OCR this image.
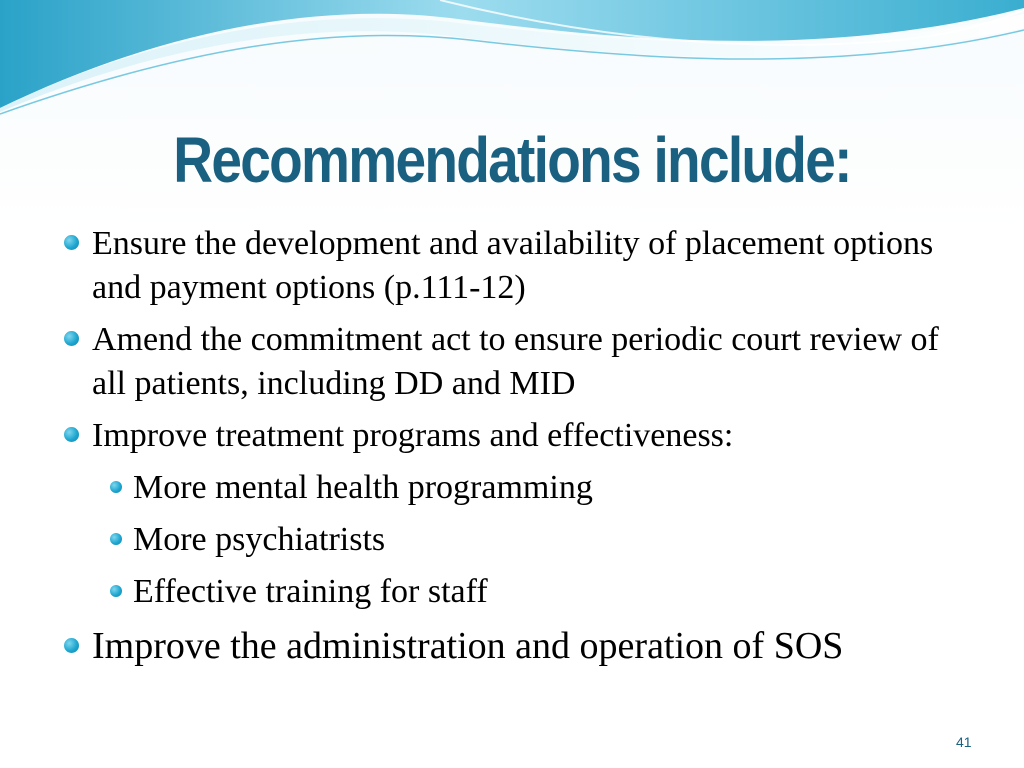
Recommendations include:
Ensure the development and availability of placement options and payment options (p.111-12)
Amend the commitment act to ensure periodic court review of all patients, including DD and MID
Improve treatment programs and effectiveness:
More mental health programming
More psychiatrists
Effective training for staff
Improve the administration and operation of SOS
41
